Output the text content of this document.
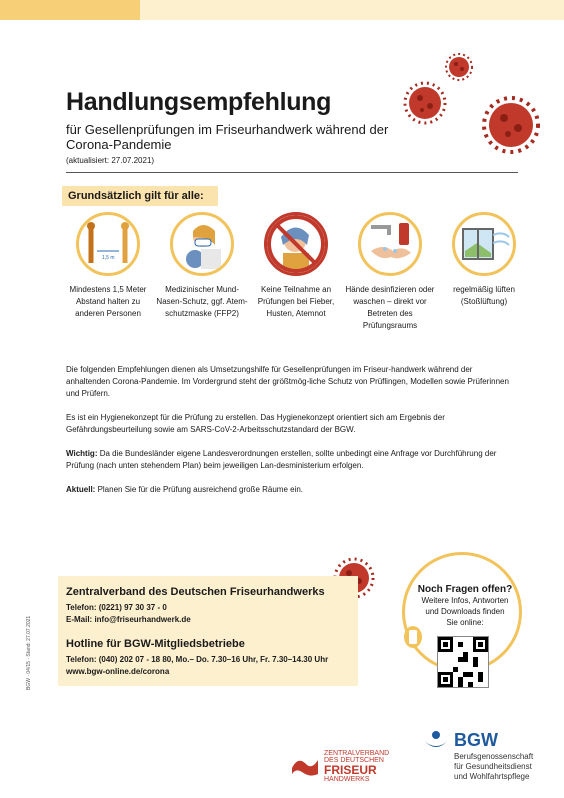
Handlungsempfehlung
für Gesellenprüfungen im Friseurhandwerk während der Corona-Pandemie
(aktualisiert: 27.07.2021)
Grundsätzlich gilt für alle:
1,5 m
Mindestens 1,5 Meter Abstand halten zu anderen Personen
Medizinischer Mund-Nasen-Schutz, ggf. Atem-schutzmaske (FFP2)
Keine Teilnahme an Prüfungen bei Fieber, Husten, Atemnot
Hände desinfizieren oder waschen – direkt vor Betreten des Prüfungsraums
regelmäßig lüften (Stoßlüftung)

Die folgenden Empfehlungen dienen als Umsetzungshilfe für Gesellenprüfungen im Friseur-handwerk während der anhaltenden Corona-Pandemie. Im Vordergrund steht der größtmög-liche Schutz von Prüflingen, Modellen sowie Prüferinnen und Prüfern.

Es ist ein Hygienekonzept für die Prüfung zu erstellen. Das Hygienekonzept orientiert sich am Ergebnis der Gefährdungsbeurteilung sowie am SARS-CoV-2-Arbeitsschutzstandard der BGW.

Wichtig: Da die Bundesländer eigene Landesverordnungen erstellen, sollte unbedingt eine Anfrage vor Durchführung der Prüfung (nach unten stehendem Plan) beim jeweiligen Lan-desministerium erfolgen.

Aktuell: Planen Sie für die Prüfung ausreichend große Räume ein.

Zentralverband des Deutschen Friseurhandwerks
Telefon: (0221) 97 30 37 - 0
E-Mail: info@friseurhandwerk.de
Hotline für BGW-Mitgliedsbetriebe
Telefon: (040) 202 07 - 18 80, Mo.– Do. 7.30–16 Uhr, Fr. 7.30–14.30 Uhr
www.bgw-online.de/corona
Noch Fragen offen?
Weitere Infos, Antworten
und Downloads finden
Sie online:
BGW · 04/15 · Stand: 27.07.2021
ZENTRALVERBAND
DES DEUTSCHEN
FRISEUR
HANDWERKS
BGW
Berufsgenossenschaft
für Gesundheitsdienst
und Wohlfahrtspflege
